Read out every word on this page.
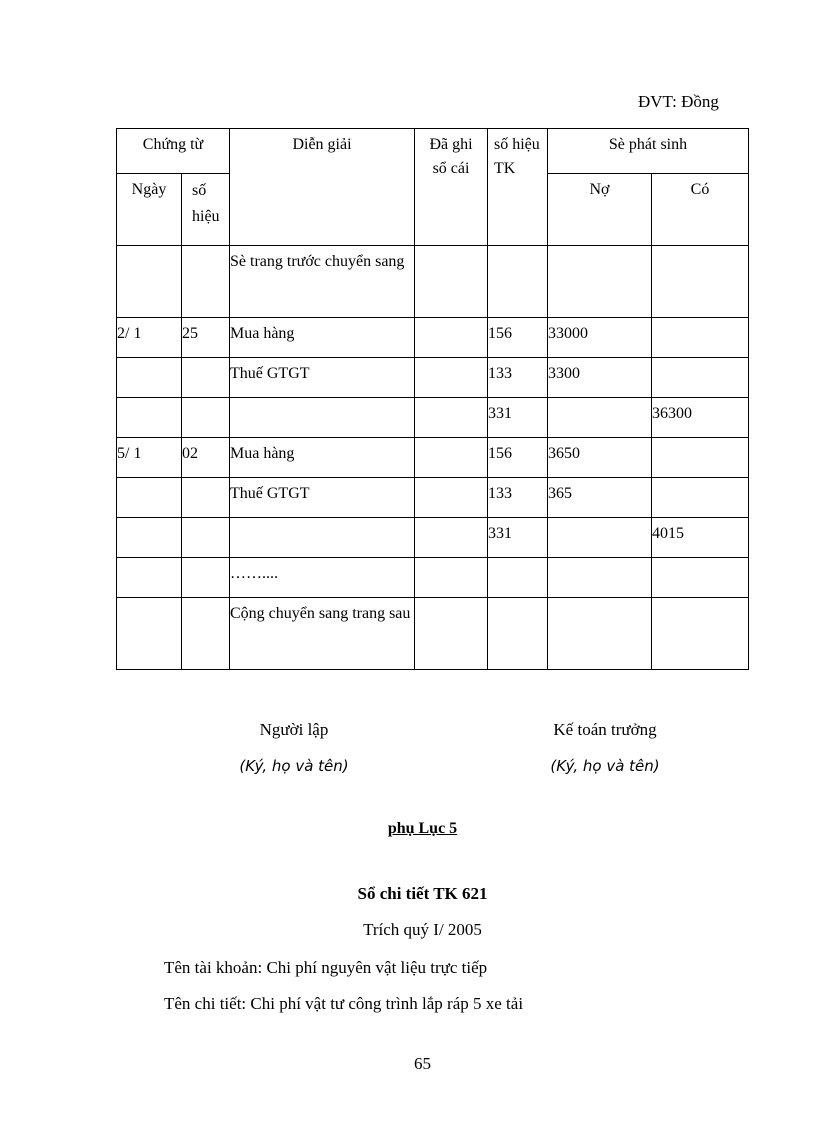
ĐVT: Đồng
Chứng từ		Diễn giải	Đã ghi sổ cái	số hiệu TK	Sè phát sinh	
Ngày	số hiệu				Nợ	Có
		Sè trang trước chuyển sang				
2/ 1	25	Mua hàng		156	33000	
		Thuế GTGT		133	3300	
				331		36300
5/ 1	02	Mua hàng		156	3650	
		Thuế GTGT		133	365	
				331		4015
		……....				
		Cộng chuyển sang trang sau				
Người lập
(Ký, họ và tên)
Kế toán trưởng
(Ký, họ và tên)
phụ Lục 5
Sổ chi tiết TK 621
Trích quý I/ 2005
Tên tài khoản: Chi phí nguyên vật liệu trực tiếp
Tên chi tiết: Chi phí vật tư công trình lắp ráp 5 xe tải
65
